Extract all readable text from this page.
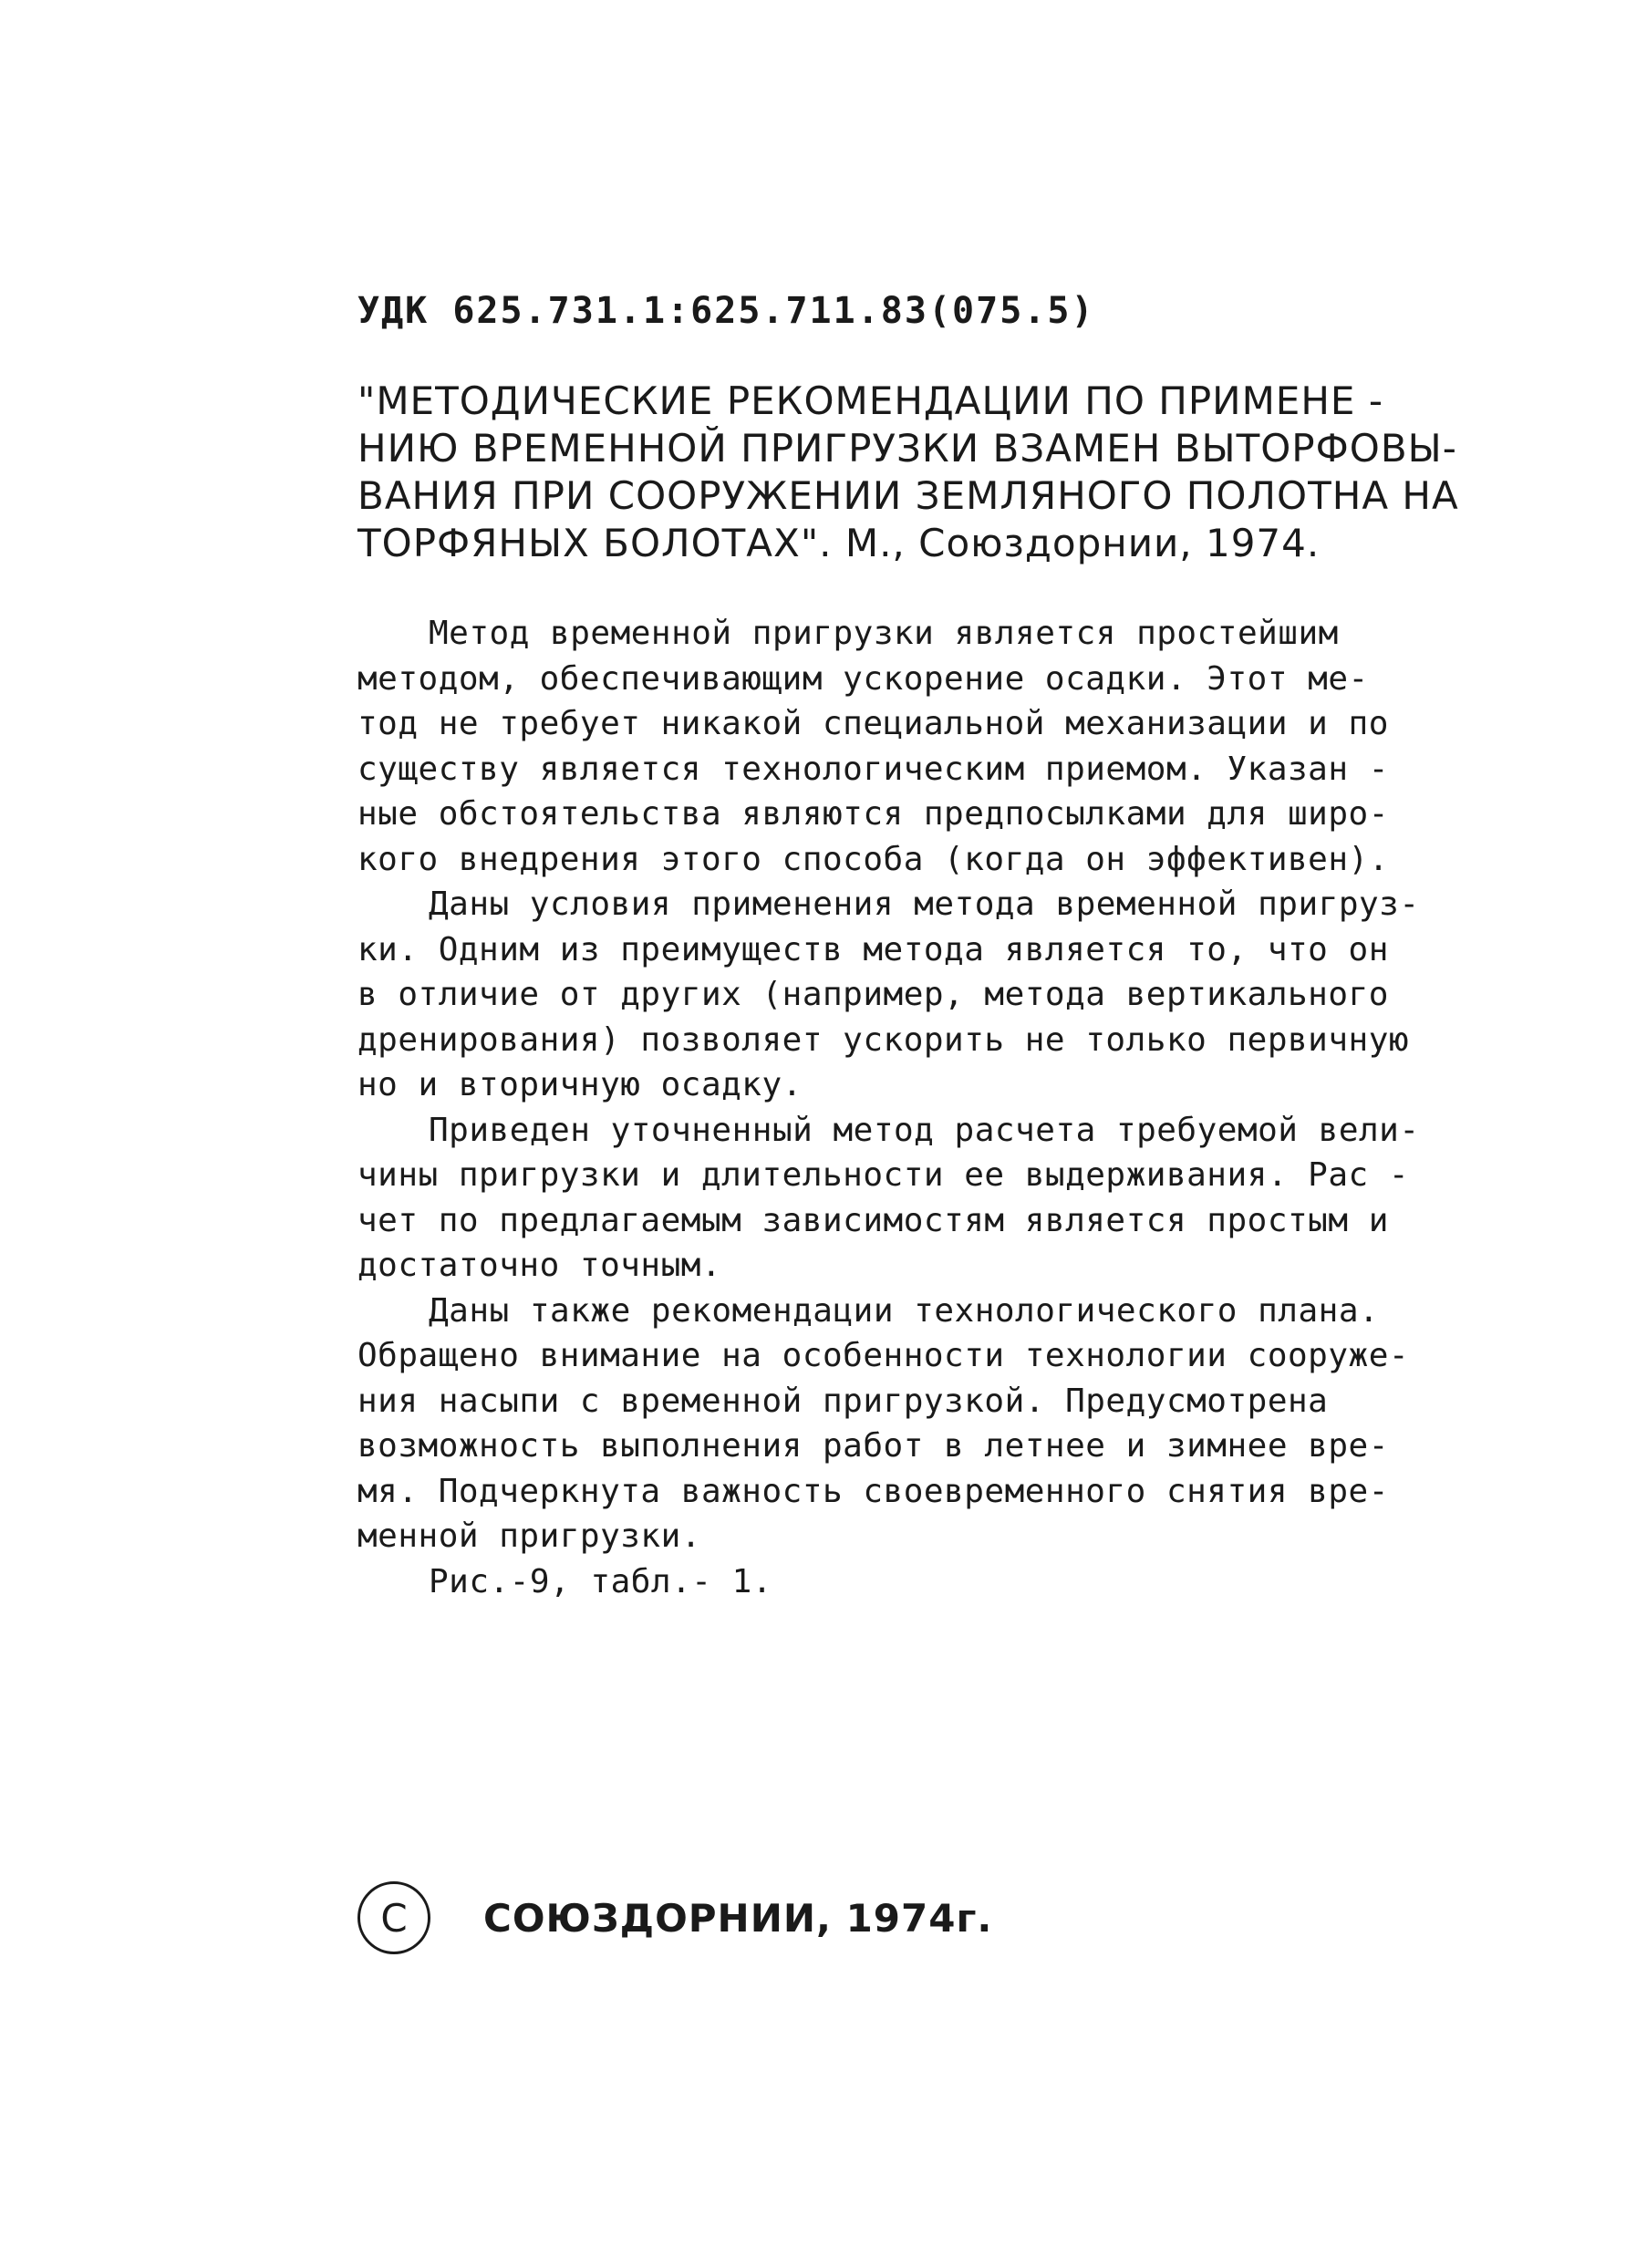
УДК 625.731.1:625.711.83(075.5)
"МЕТОДИЧЕСКИЕ РЕКОМЕНДАЦИИ ПО ПРИМЕНЕ -
НИЮ ВРЕМЕННОЙ ПРИГРУЗКИ ВЗАМЕН ВЫТОРФОВЫ-
ВАНИЯ ПРИ СООРУЖЕНИИ ЗЕМЛЯНОГО ПОЛОТНА НА
ТОРФЯНЫХ БОЛОТАХ". М., Союздорнии, 1974.
Метод временной пригрузки является простейшим
методом, обеспечивающим ускорение осадки. Этот ме-
тод не требует никакой специальной механизации и по
существу является технологическим приемом. Указан -
ные обстоятельства являются предпосылками для широ-
кого внедрения этого способа (когда он эффективен).
Даны условия применения метода временной пригруз-
ки. Одним из преимуществ метода является то, что он
в отличие от других (например, метода вертикального
дренирования) позволяет ускорить не только первичную
но и вторичную осадку.
Приведен уточненный метод расчета требуемой вели-
чины пригрузки и длительности ее выдерживания. Рас -
чет по предлагаемым зависимостям является простым и
достаточно точным.
Даны также рекомендации технологического плана.
Обращено внимание на особенности технологии сооруже-
ния насыпи с временной пригрузкой. Предусмотрена
возможность выполнения работ в летнее и зимнее вре-
мя. Подчеркнута важность своевременного снятия вре-
менной пригрузки.
Рис.-9, табл.- 1.
С СОЮЗДОРНИИ, 1974г.
